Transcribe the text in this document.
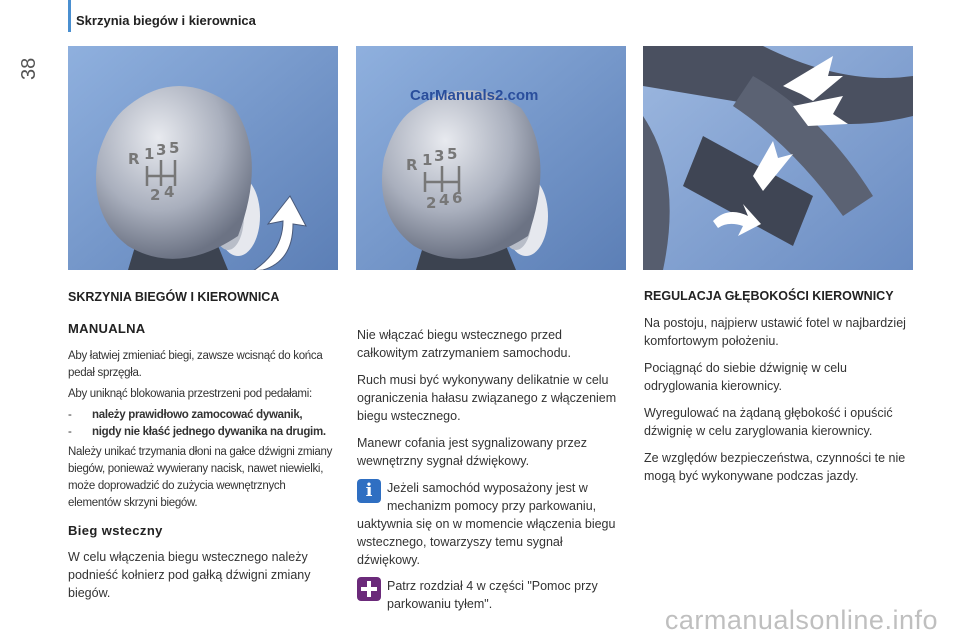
38
Skrzynia biegów i kierownica
R 1 3 5
2 4
R 1 3 5
2 4 6
CarManuals2.com
SKRZYNIA BIEGÓW I KIEROWNICA
MANUALNA

Aby łatwiej zmieniać biegi, zawsze wcisnąć do końca pedał sprzęgła.

Aby uniknąć blokowania przestrzeni pod pedałami:

-	należy prawidłowo zamocować dywanik,
-	nigdy nie kłaść jednego dywanika na drugim.

Należy unikać trzymania dłoni na gałce dźwigni zmiany biegów, ponieważ wywierany nacisk, nawet niewielki, może doprowadzić do zużycia wewnętrznych elementów skrzyni biegów.

Bieg wsteczny

W celu włączenia biegu wstecznego należy podnieść kołnierz pod gałką dźwigni zmiany biegów.

Nie włączać biegu wstecznego przed całkowitym zatrzymaniem samochodu.

Ruch musi być wykonywany delikatnie w celu ograniczenia hałasu związanego z włączeniem biegu wstecznego.

Manewr cofania jest sygnalizowany przez wewnętrzny sygnał dźwiękowy.

i	Jeżeli samochód wyposażony jest w mechanizm pomocy przy parkowaniu,
uaktywnia się on w momencie włączenia biegu wstecznego, towarzyszy temu sygnał dźwiękowy.
Patrz rozdział 4 w części "Pomoc przy parkowaniu tyłem".
REGULACJA GŁĘBOKOŚCI KIEROWNICY

Na postoju, najpierw ustawić fotel w najbardziej komfortowym położeniu.

Pociągnąć do siebie dźwignię w celu odryglowania kierownicy.

Wyregulować na żądaną głębokość i opuścić dźwignię w celu zaryglowania kierownicy.

Ze względów bezpieczeństwa, czynności te nie mogą być wykonywane podczas jazdy.

carmanualsonline.info
